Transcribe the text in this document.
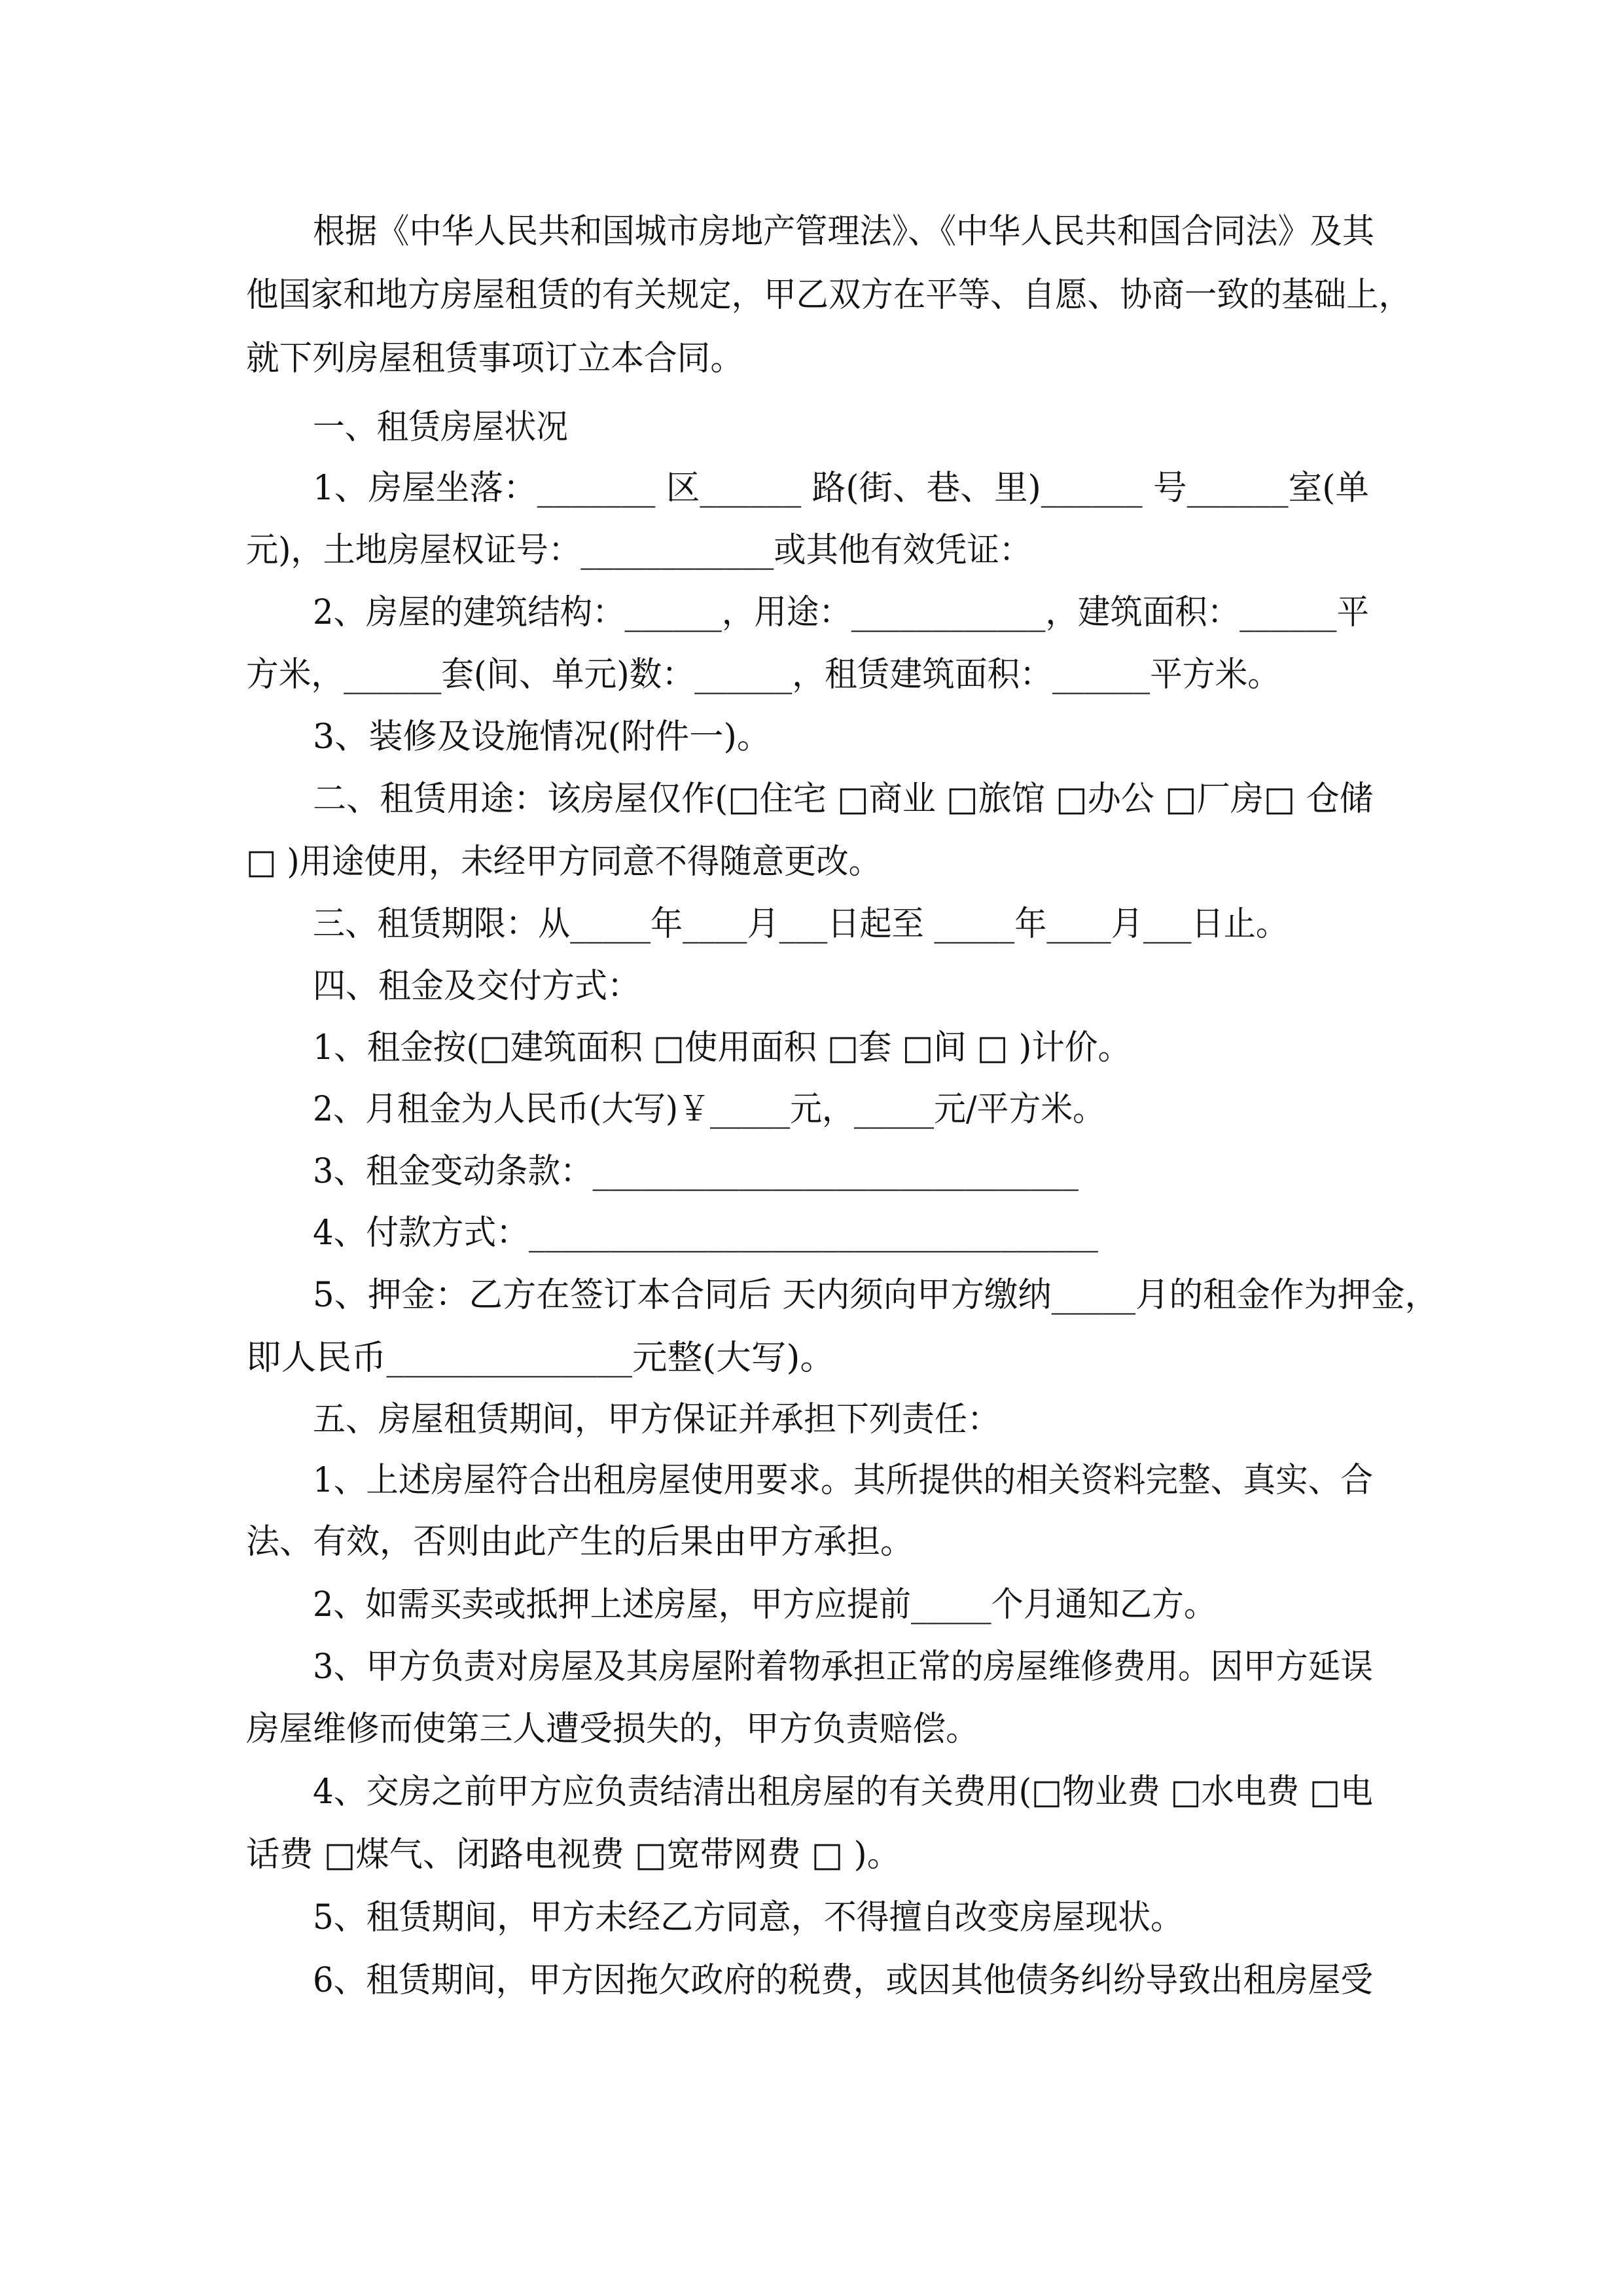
根据《中华人民共和国城市房地产管理法》、《中华人民共和国合同法》及其
他国家和地方房屋租赁的有关规定，甲乙双方在平等、自愿、协商一致的基础上，
就下列房屋租赁事项订立本合同。
一、租赁房屋状况
1、房屋坐落：_______ 区______ 路(街、巷、里)______ 号______室(单
元)，土地房屋权证号：____________或其他有效凭证：
2、房屋的建筑结构：______，用途：____________，建筑面积：______平
方米，______套(间、单元)数：______，租赁建筑面积：______平方米。
3、装修及设施情况(附件一)。
二、租赁用途：该房屋仅作(□住宅 □商业 □旅馆 □办公 □厂房□ 仓储
□ )用途使用，未经甲方同意不得随意更改。
三、租赁期限：从_____年____月___日起至 _____年____月___日止。
四、租金及交付方式：
1、租金按(□建筑面积 □使用面积 □套 □间 □ )计价。
2、月租金为人民币(大写)￥_____元，_____元/平方米。
3、租金变动条款：______________________________
4、付款方式：___________________________________
5、押金：乙方在签订本合同后 天内须向甲方缴纳_____月的租金作为押金，
即人民币______________元整(大写)。
五、房屋租赁期间，甲方保证并承担下列责任：
1、上述房屋符合出租房屋使用要求。其所提供的相关资料完整、真实、合
法、有效，否则由此产生的后果由甲方承担。
2、如需买卖或抵押上述房屋，甲方应提前_____个月通知乙方。
3、甲方负责对房屋及其房屋附着物承担正常的房屋维修费用。因甲方延误
房屋维修而使第三人遭受损失的，甲方负责赔偿。
4、交房之前甲方应负责结清出租房屋的有关费用(□物业费 □水电费 □电
话费 □煤气、闭路电视费 □宽带网费 □ )。
5、租赁期间，甲方未经乙方同意，不得擅自改变房屋现状。
6、租赁期间，甲方因拖欠政府的税费，或因其他债务纠纷导致出租房屋受
